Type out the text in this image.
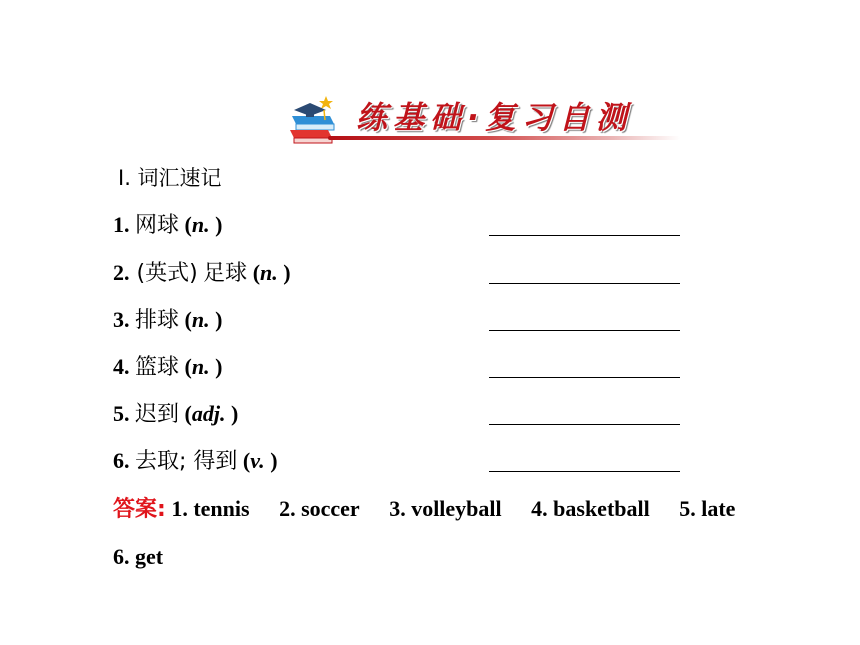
练基础·复习自测
Ⅰ. 词汇速记
1. 网球 (n. )
2. (英式) 足球 (n. )
3. 排球 (n. )
4. 篮球 (n. )
5. 迟到 (adj. )
6. 去取; 得到 (v. )
答案: 1. tennis 2. soccer 3. volleyball 4. basketball 5. late
6. get
